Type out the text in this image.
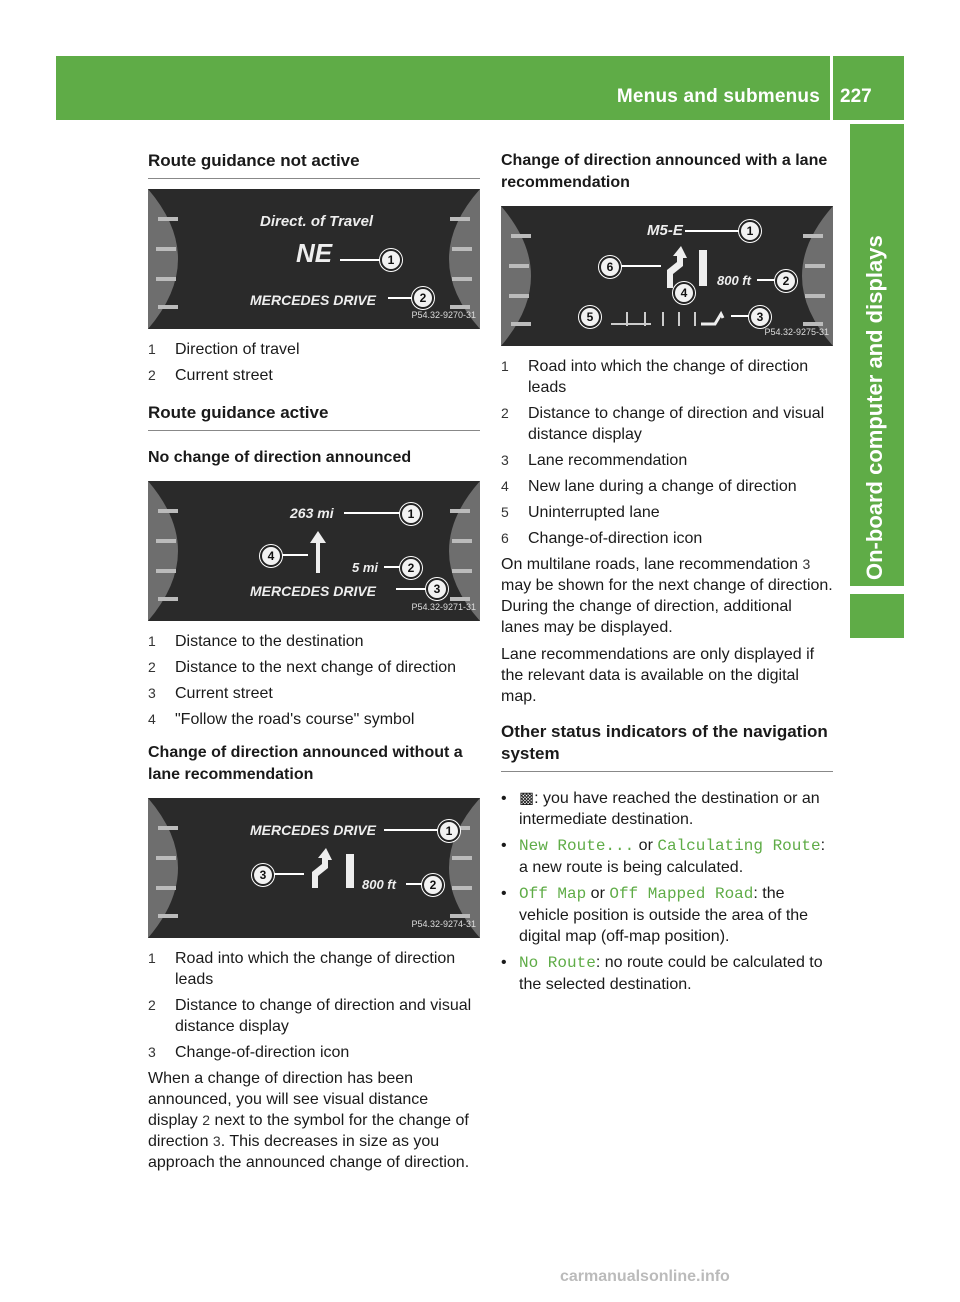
Menus and submenus 227
On-board computer and displays
Route guidance not active
Direct. of Travel
NE	1
MERCEDES DRIVE	2
P54.32-9270-31
1	Direction of travel
2	Current street
Route guidance active
No change of direction announced
263 mi	1
4
5 mi	2
MERCEDES DRIVE	3
P54.32-9271-31
1	Distance to the destination
2	Distance to the next change of direction
3	Current street
4	"Follow the road's course" symbol
Change of direction announced without a lane recommendation
MERCEDES DRIVE	1
3
800 ft	2
P54.32-9274-31
1	Road into which the change of direction leads
2	Distance to change of direction and visual distance display
3	Change-of-direction icon
When a change of direction has been announced, you will see visual distance display 2 next to the symbol for the change of direction 3. This decreases in size as you approach the announced change of direction.
Change of direction announced with a lane recommendation
M5-E	1
6
800 ft	2
4
5	3
P54.32-9275-31
1	Road into which the change of direction leads
2	Distance to change of direction and visual distance display
3	Lane recommendation
4	New lane during a change of direction
5	Uninterrupted lane
6	Change-of-direction icon
On multilane roads, lane recommendation 3 may be shown for the next change of direction. During the change of direction, additional lanes may be displayed.
Lane recommendations are only displayed if the relevant data is available on the digital map.
Other status indicators of the navigation system
• ▩: you have reached the destination or an intermediate destination.
• New Route... or Calculating Route: a new route is being calculated.
• Off Map or Off Mapped Road: the vehicle position is outside the area of the digital map (off-map position).
• No Route: no route could be calculated to the selected destination.
carmanualsonline.info
